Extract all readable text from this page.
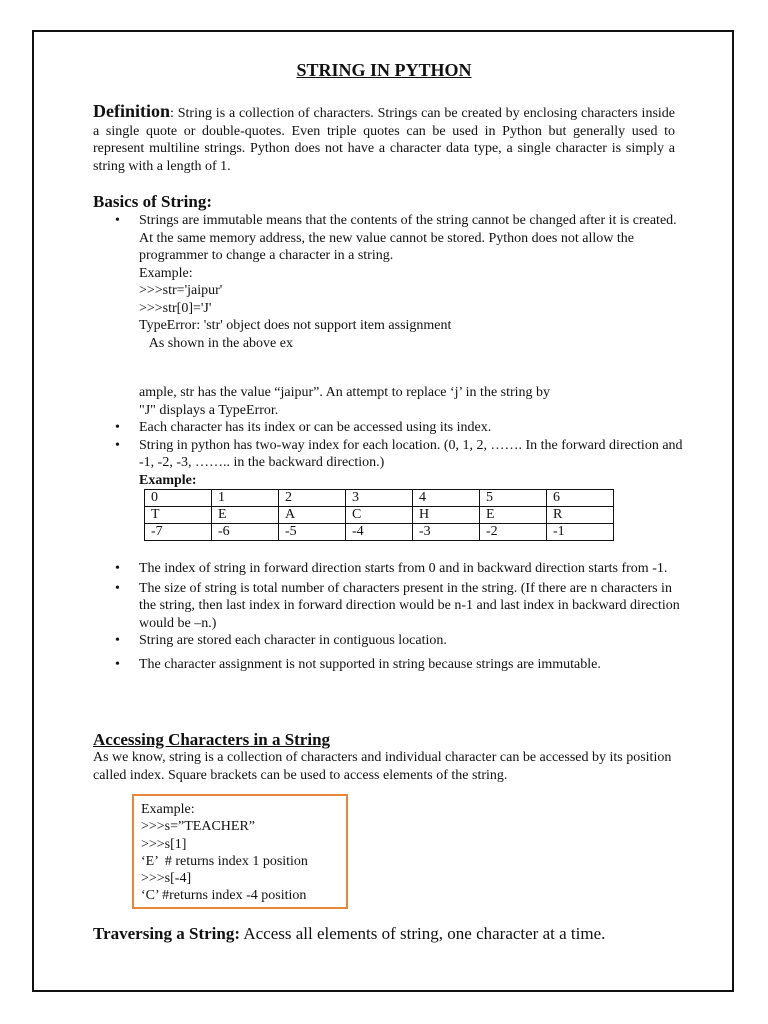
STRING IN PYTHON
Definition: String is a collection of characters. Strings can be created by enclosing characters inside a single quote or double-quotes. Even triple quotes can be used in Python but generally used to represent multiline strings. Python does not have a character data type, a single character is simply a string with a length of 1.
Basics of String:
• Strings are immutable means that the contents of the string cannot be changed after it is created. At the same memory address, the new value cannot be stored. Python does not allow the programmer to change a character in a string.
Example:
>>>str='jaipur'
>>>str[0]='J'
TypeError: 'str' object does not support item assignment
As shown in the above ex
ample, str has the value “jaipur”. An attempt to replace ‘j’ in the string by
"J" displays a TypeError.
• Each character has its index or can be accessed using its index.
• String in python has two-way index for each location. (0, 1, 2, ……. In the forward direction and -1, -2, -3, …….. in the backward direction.)
Example:
0	1	2	3	4	5	6
T	E	A	C	H	E	R
-7	-6	-5	-4	-3	-2	-1
• The index of string in forward direction starts from 0 and in backward direction starts from -1.
• The size of string is total number of characters present in the string. (If there are n characters in the string, then last index in forward direction would be n-1 and last index in backward direction would be –n.)
• String are stored each character in contiguous location.
• The character assignment is not supported in string because strings are immutable.
Accessing Characters in a String
As we know, string is a collection of characters and individual character can be accessed by its position called index. Square brackets can be used to access elements of the string.
Example:
>>>s=”TEACHER”
>>>s[1]
‘E’  # returns index 1 position
>>>s[-4]
‘C’ #returns index -4 position
Traversing a String: Access all elements of string, one character at a time.
